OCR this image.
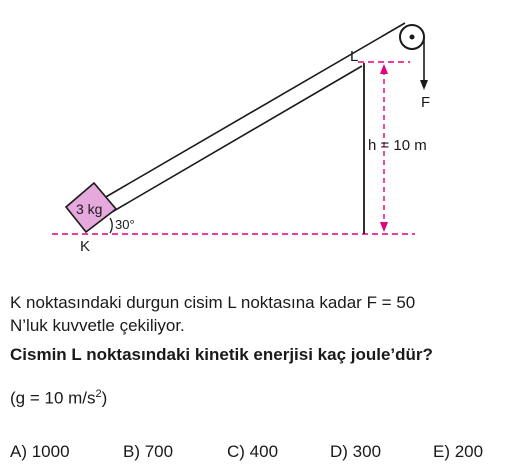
3 kg
30°
K
L
F
h = 10 m
K noktasındaki durgun cisim L noktasına kadar F = 50
N’luk kuvvetle çekiliyor.
Cismin L noktasındaki kinetik enerjisi kaç joule’dür?
(g = 10 $m/s^2$)
A) 1000	B) 700	C) 400	D) 300	E) 200
